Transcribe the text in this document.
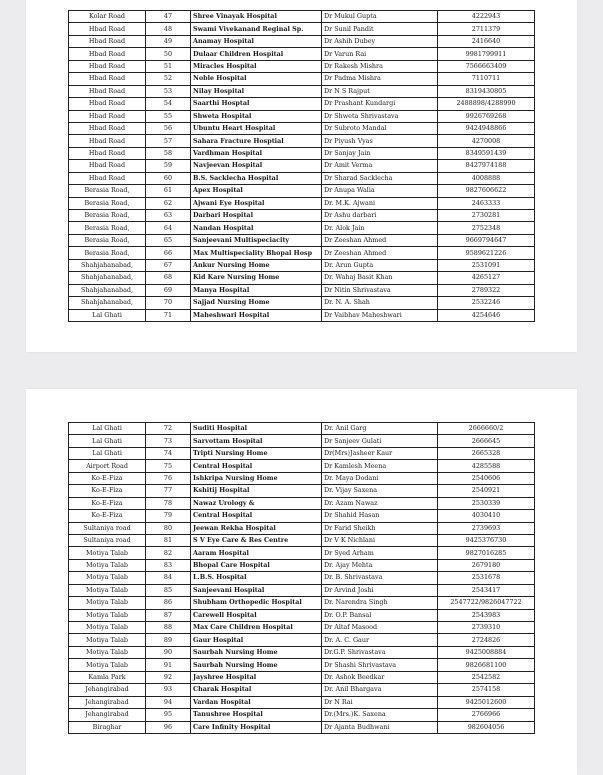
Kolar Road	47	Shree Vinayak Hospital	Dr Mukul Gupta	4222943
Hbad Road	48	Swami Vivekanand Reginal Sp.	Dr Sunil Pandit	2711379
Hbad Road	49	Anamay Hospital	Dr Ashih Dubey	2416640
Hbad Road	50	Dulaar Children Hospital	Dr Varun Rai	9981799911
Hbad Road	51	Miracles Hospital	Dr Rakesh Mishra	7566663409
Hbad Road	52	Noble Hospital	Dr Padma Mishra	7110711
Hbad Road	53	Nilay Hospital	Dr N S Rajput	8319430805
Hbad Road	54	Saarthi Hosptal	Dr Prashant Kundargi	2488898/4288990
Hbad Road	55	Shweta Hospital	Dr Shweta Shrivastava	9926769268
Hbad Road	56	Ubuntu Heart Hospital	Dr Subroto Mandal	9424948866
Hbad Road	57	Sahara Fracture Hosptial	Dr Piyush Vyas	4270008
Hbad Road	58	Vardhman Hospital	Dr Sanjay Jain	8349591439
Hbad Road	59	Navjeevan Hospital	Dr Amit Verma	8427974188
Hbad Road	60	B.S. Sacklecha Hospital	Dr Sharad Sacklecha	4008888
Berasia Road,	61	Apex Hospital	Dr Anupa Walia	9827606622
Berasia Road,	62	Ajwani Eye Hospital	Dr. M.K. Ajwani	2463333
Berasia Road,	63	Darbari Hospital	Dr Ashu darbari	2730281
Berasia Road,	64	Nandan Hospital	Dr. Alok Jain	2752348
Berasia Road,	65	Sanjeevani Multispeciacity	Dr Zeeshan Ahmed	9669794647
Berasia Road,	66	Max Multispeciality Bhopal Hosp	Dr Zeeshan Ahmed	9589621226
Shahjahanabad,	67	Ankur Nursing Home	Dr. Arun Gupta	2531091
Shahjahanabad,	68	Kid Kare Nursing Home	Dr. Wahaj Basit Khan	4265127
Shahjahanabad,	69	Manya Hospital	Dr Nitin Shrivastava	2789322
Shahjahanabad,	70	Sajjad Nursing Home	Dr. N. A. Shah	2532246
Lal Ghati	71	Maheshwari Hospital	Dr Vaibhav Maheshwari	4254646
Lal Ghati	72	Suditi Hospital	Dr. Anil Garg	2666660/2
Lal Ghati	73	Sarvottam Hospital	Dr Sanjeev Gulati	2666645
Lal Ghati	74	Tripti Nursing Home	Dr(Mrs)Jasheer Kaur	2665328
Airport Road	75	Central Hospital	Dr Kamlesh Meena	4285588
Ko-E-Fiza	76	Ishkripa Nursing Home	Dr. Maya Dodani	2540606
Ko-E-Fiza	77	Kshitij Hospital	Dr. Vijay Saxena	2540921
Ko-E-Fiza	78	Nawaz Urology &	Dr. Azam Nawaz	2530339
Ko-E-Fiza	79	Central Hospital	Dr Shahid Hasan	4030410
Sultaniya road	80	Jeewan Rekha Hospital	Dr Farid Sheikh	2739693
Sultaniya road	81	S V Eye Care & Res Centre	Dr V K Nichlani	9425376730
Motiya Talab	82	Aaram Hospital	Dr Syed Arham	9827016285
Motiya Talab	83	Bhopal Care Hospital	Dr. Ajay Mehta	2679180
Motiya Talab	84	L.B.S. Hospital	Dr. B. Shrivastava	2531678
Motiya Talab	85	Sanjeevani Hospital	Dr Arvind Joshi	2543417
Motiya Talab	86	Shubham Orthopedic Hospital	Dr. Narendra Singh	2547722/9826047722
Motiya Talab	87	Carewell Hospital	Dr. O.P. Bansal	2543983
Motiya Talab	88	Max Care Children Hospital	Dr Altaf Masood	2739310
Motiya Talab	89	Gaur Hospital	Dr. A. C. Gaur	2724826
Motiya Talab	90	Saurbah Nursing Home	Dr.G.P. Shrivastava	9425008884
Motiya Talab	91	Saurbah Nursing Home	Dr Shashi Shrivastava	9826681100
Kamla Park	92	Jayshree Hospital	Dr. Ashok Beedkar	2542582
Jehangirabad	93	Charak Hospital	Dr. Anil Bhargava	2574158
Jehangirabad	94	Vardan Hospital	Dr N Rai	9425012600
Jehangirabad	95	Tanushree Hospital	Dr.(Mrs.)K. Saxena	2766966
Biraghar	96	Care Infinity Hospital	Dr Ajanta Budhwani	982604056
